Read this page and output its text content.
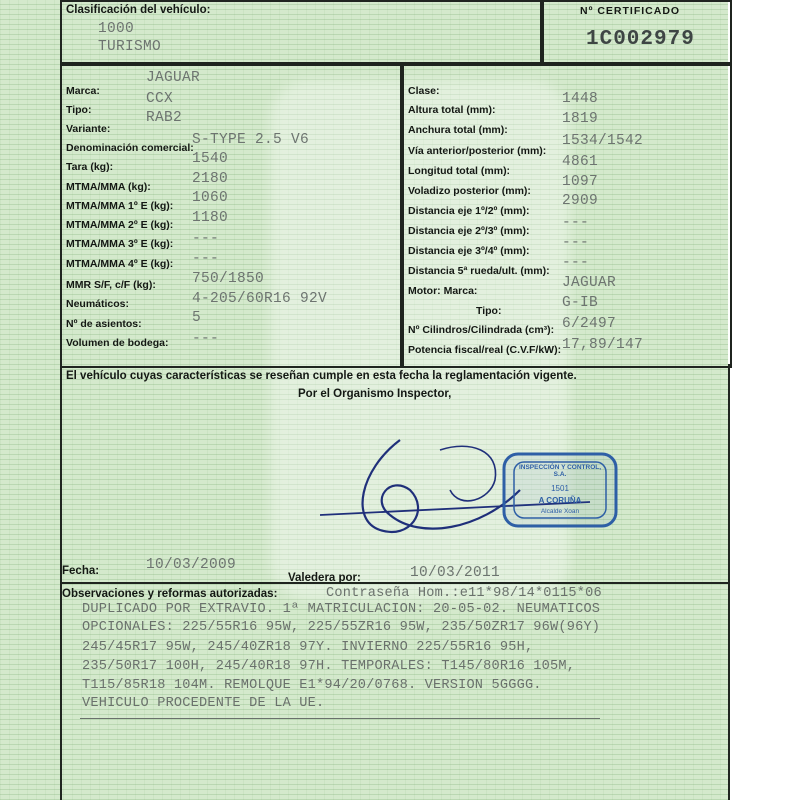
Clasificación del vehículo:
1000
TURISMO
Nº CERTIFICADO
1C002979
Marca:
JAGUAR
Tipo:
CCX
Variante:
RAB2
Denominación comercial:
S-TYPE 2.5 V6
Tara (kg):	1540
MTMA/MMA (kg):	2180
MTMA/MMA 1º E (kg): 1060
MTMA/MMA 2º E (kg): 1180
MTMA/MMA 3º E (kg): ---
MTMA/MMA 4º E (kg): ---
MMR S/F, c/F (kg): 750/1850
Neumáticos:	4-205/60R16 92V
Nº de asientos:	5
Volumen de bodega: ---
Clase:
Altura total (mm):
1448
Anchura total (mm):
1819
Vía anterior/posterior (mm):
1534/1542
Longitud total (mm):
4861
Voladizo posterior (mm):
1097
Distancia eje 1º/2º (mm):
2909
Distancia eje 2º/3º (mm): ---
Distancia eje 3º/4º (mm): ---
Distancia 5ª rueda/ult. (mm): ---
Motor: Marca:	JAGUAR
Tipo:	G-IB
Nº Cilindros/Cilindrada (cm³): 6/2497
Potencia fiscal/real (C.V.F/kW): 17,89/147
El vehículo cuyas características se reseñan cumple en esta fecha la reglamentación vigente.
Por el Organismo Inspector,
INSPECCIÓN Y CONTROL, S.A.
1501
A CORUÑA
Alcalde Xoan
Fecha:	10/03/2009
Valedera por:	10/03/2011
Observaciones y reformas autorizadas:	Contraseña Hom.:e11*98/14*0115*06
DUPLICADO POR EXTRAVIO. 1ª MATRICULACION: 20-05-02. NEUMATICOS
OPCIONALES: 225/55R16 95W, 225/55ZR16 95W, 235/50ZR17 96W(96Y)
245/45R17 95W, 245/40ZR18 97Y. INVIERNO 225/55R16 95H,
235/50R17 100H, 245/40R18 97H. TEMPORALES: T145/80R16 105M,
T115/85R18 104M. REMOLQUE E1*94/20/0768. VERSION 5GGGG.
VEHICULO PROCEDENTE DE LA UE.
